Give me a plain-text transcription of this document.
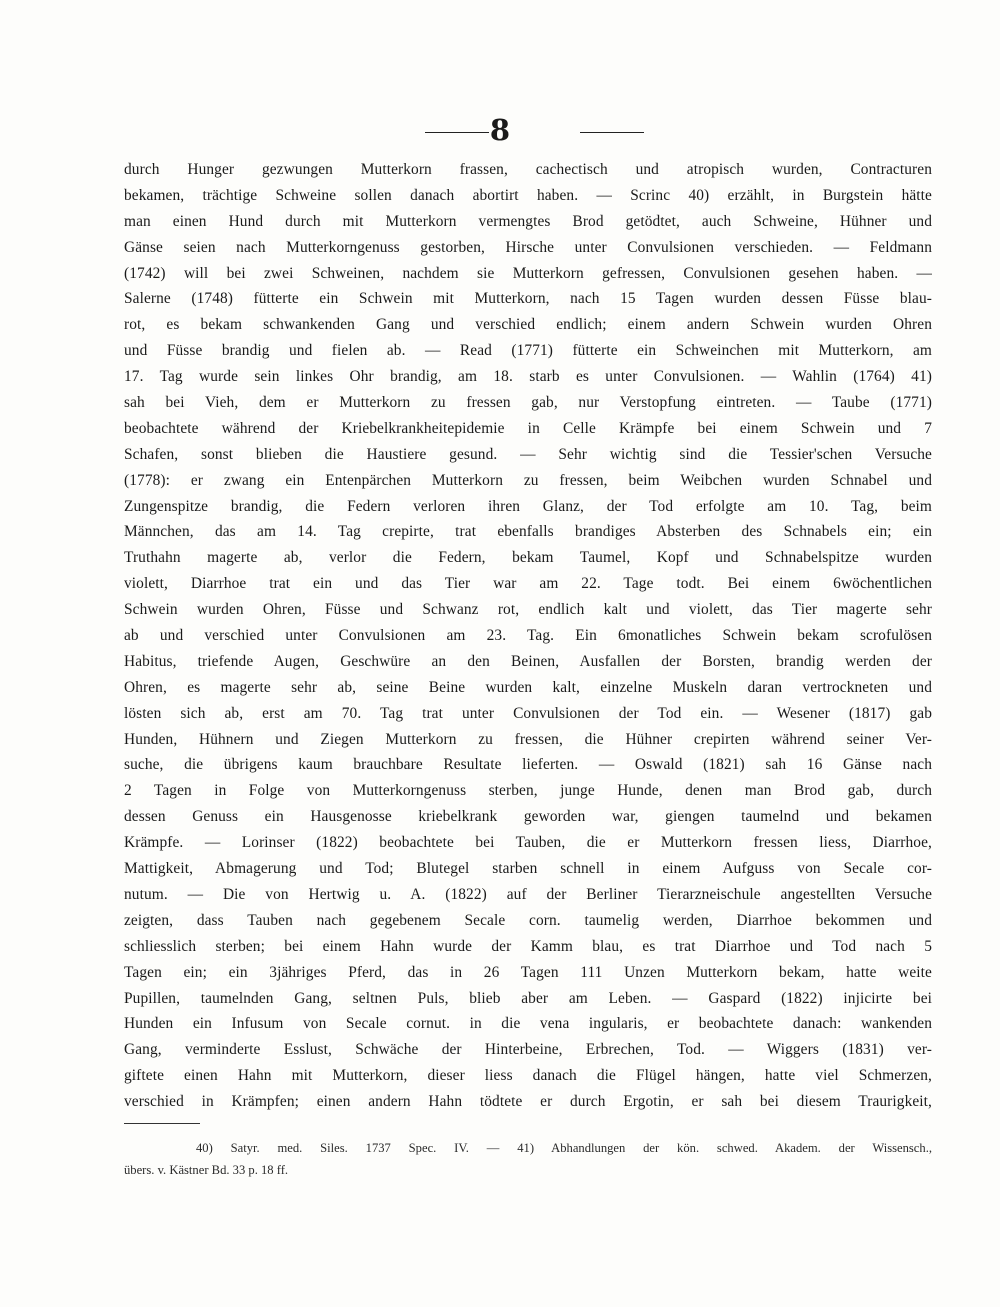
8
durch Hunger gezwungen Mutterkorn frassen, cachectisch und atropisch wurden, Contracturen
bekamen, trächtige Schweine sollen danach abortirt haben. — Scrinc 40) erzählt, in Burgstein hätte
man einen Hund durch mit Mutterkorn vermengtes Brod getödtet, auch Schweine, Hühner und
Gänse seien nach Mutterkorngenuss gestorben, Hirsche unter Convulsionen verschieden. — Feldmann
(1742) will bei zwei Schweinen, nachdem sie Mutterkorn gefressen, Convulsionen gesehen haben. —
Salerne (1748) fütterte ein Schwein mit Mutterkorn, nach 15 Tagen wurden dessen Füsse blau-
rot, es bekam schwankenden Gang und verschied endlich; einem andern Schwein wurden Ohren
und Füsse brandig und fielen ab. — Read (1771) fütterte ein Schweinchen mit Mutterkorn, am
17. Tag wurde sein linkes Ohr brandig, am 18. starb es unter Convulsionen. — Wahlin (1764) 41)
sah bei Vieh, dem er Mutterkorn zu fressen gab, nur Verstopfung eintreten. — Taube (1771)
beobachtete während der Kriebelkrankheitepidemie in Celle Krämpfe bei einem Schwein und 7
Schafen, sonst blieben die Haustiere gesund. — Sehr wichtig sind die Tessier'schen Versuche
(1778): er zwang ein Entenpärchen Mutterkorn zu fressen, beim Weibchen wurden Schnabel und
Zungenspitze brandig, die Federn verloren ihren Glanz, der Tod erfolgte am 10. Tag, beim
Männchen, das am 14. Tag crepirte, trat ebenfalls brandiges Absterben des Schnabels ein; ein
Truthahn magerte ab, verlor die Federn, bekam Taumel, Kopf und Schnabelspitze wurden
violett, Diarrhoe trat ein und das Tier war am 22. Tage todt. Bei einem 6wöchentlichen
Schwein wurden Ohren, Füsse und Schwanz rot, endlich kalt und violett, das Tier magerte sehr
ab und verschied unter Convulsionen am 23. Tag. Ein 6monatliches Schwein bekam scrofulösen
Habitus, triefende Augen, Geschwüre an den Beinen, Ausfallen der Borsten, brandig werden der
Ohren, es magerte sehr ab, seine Beine wurden kalt, einzelne Muskeln daran vertrockneten und
lösten sich ab, erst am 70. Tag trat unter Convulsionen der Tod ein. — Wesener (1817) gab
Hunden, Hühnern und Ziegen Mutterkorn zu fressen, die Hühner crepirten während seiner Ver-
suche, die übrigens kaum brauchbare Resultate lieferten. — Oswald (1821) sah 16 Gänse nach
2 Tagen in Folge von Mutterkorngenuss sterben, junge Hunde, denen man Brod gab, durch
dessen Genuss ein Hausgenosse kriebelkrank geworden war, giengen taumelnd und bekamen
Krämpfe. — Lorinser (1822) beobachtete bei Tauben, die er Mutterkorn fressen liess, Diarrhoe,
Mattigkeit, Abmagerung und Tod; Blutegel starben schnell in einem Aufguss von Secale cor-
nutum. — Die von Hertwig u. A. (1822) auf der Berliner Tierarzneischule angestellten Versuche
zeigten, dass Tauben nach gegebenem Secale corn. taumelig werden, Diarrhoe bekommen und
schliesslich sterben; bei einem Hahn wurde der Kamm blau, es trat Diarrhoe und Tod nach 5
Tagen ein; ein 3jähriges Pferd, das in 26 Tagen 111 Unzen Mutterkorn bekam, hatte weite
Pupillen, taumelnden Gang, seltnen Puls, blieb aber am Leben. — Gaspard (1822) injicirte bei
Hunden ein Infusum von Secale cornut. in die vena ingularis, er beobachtete danach: wankenden
Gang, verminderte Esslust, Schwäche der Hinterbeine, Erbrechen, Tod. — Wiggers (1831) ver-
giftete einen Hahn mit Mutterkorn, dieser liess danach die Flügel hängen, hatte viel Schmerzen,
verschied in Krämpfen; einen andern Hahn tödtete er durch Ergotin, er sah bei diesem Traurigkeit,
40) Satyr. med. Siles. 1737 Spec. IV. — 41) Abhandlungen der kön. schwed. Akadem. der Wissensch.,
übers. v. Kästner Bd. 33 p. 18 ff.
